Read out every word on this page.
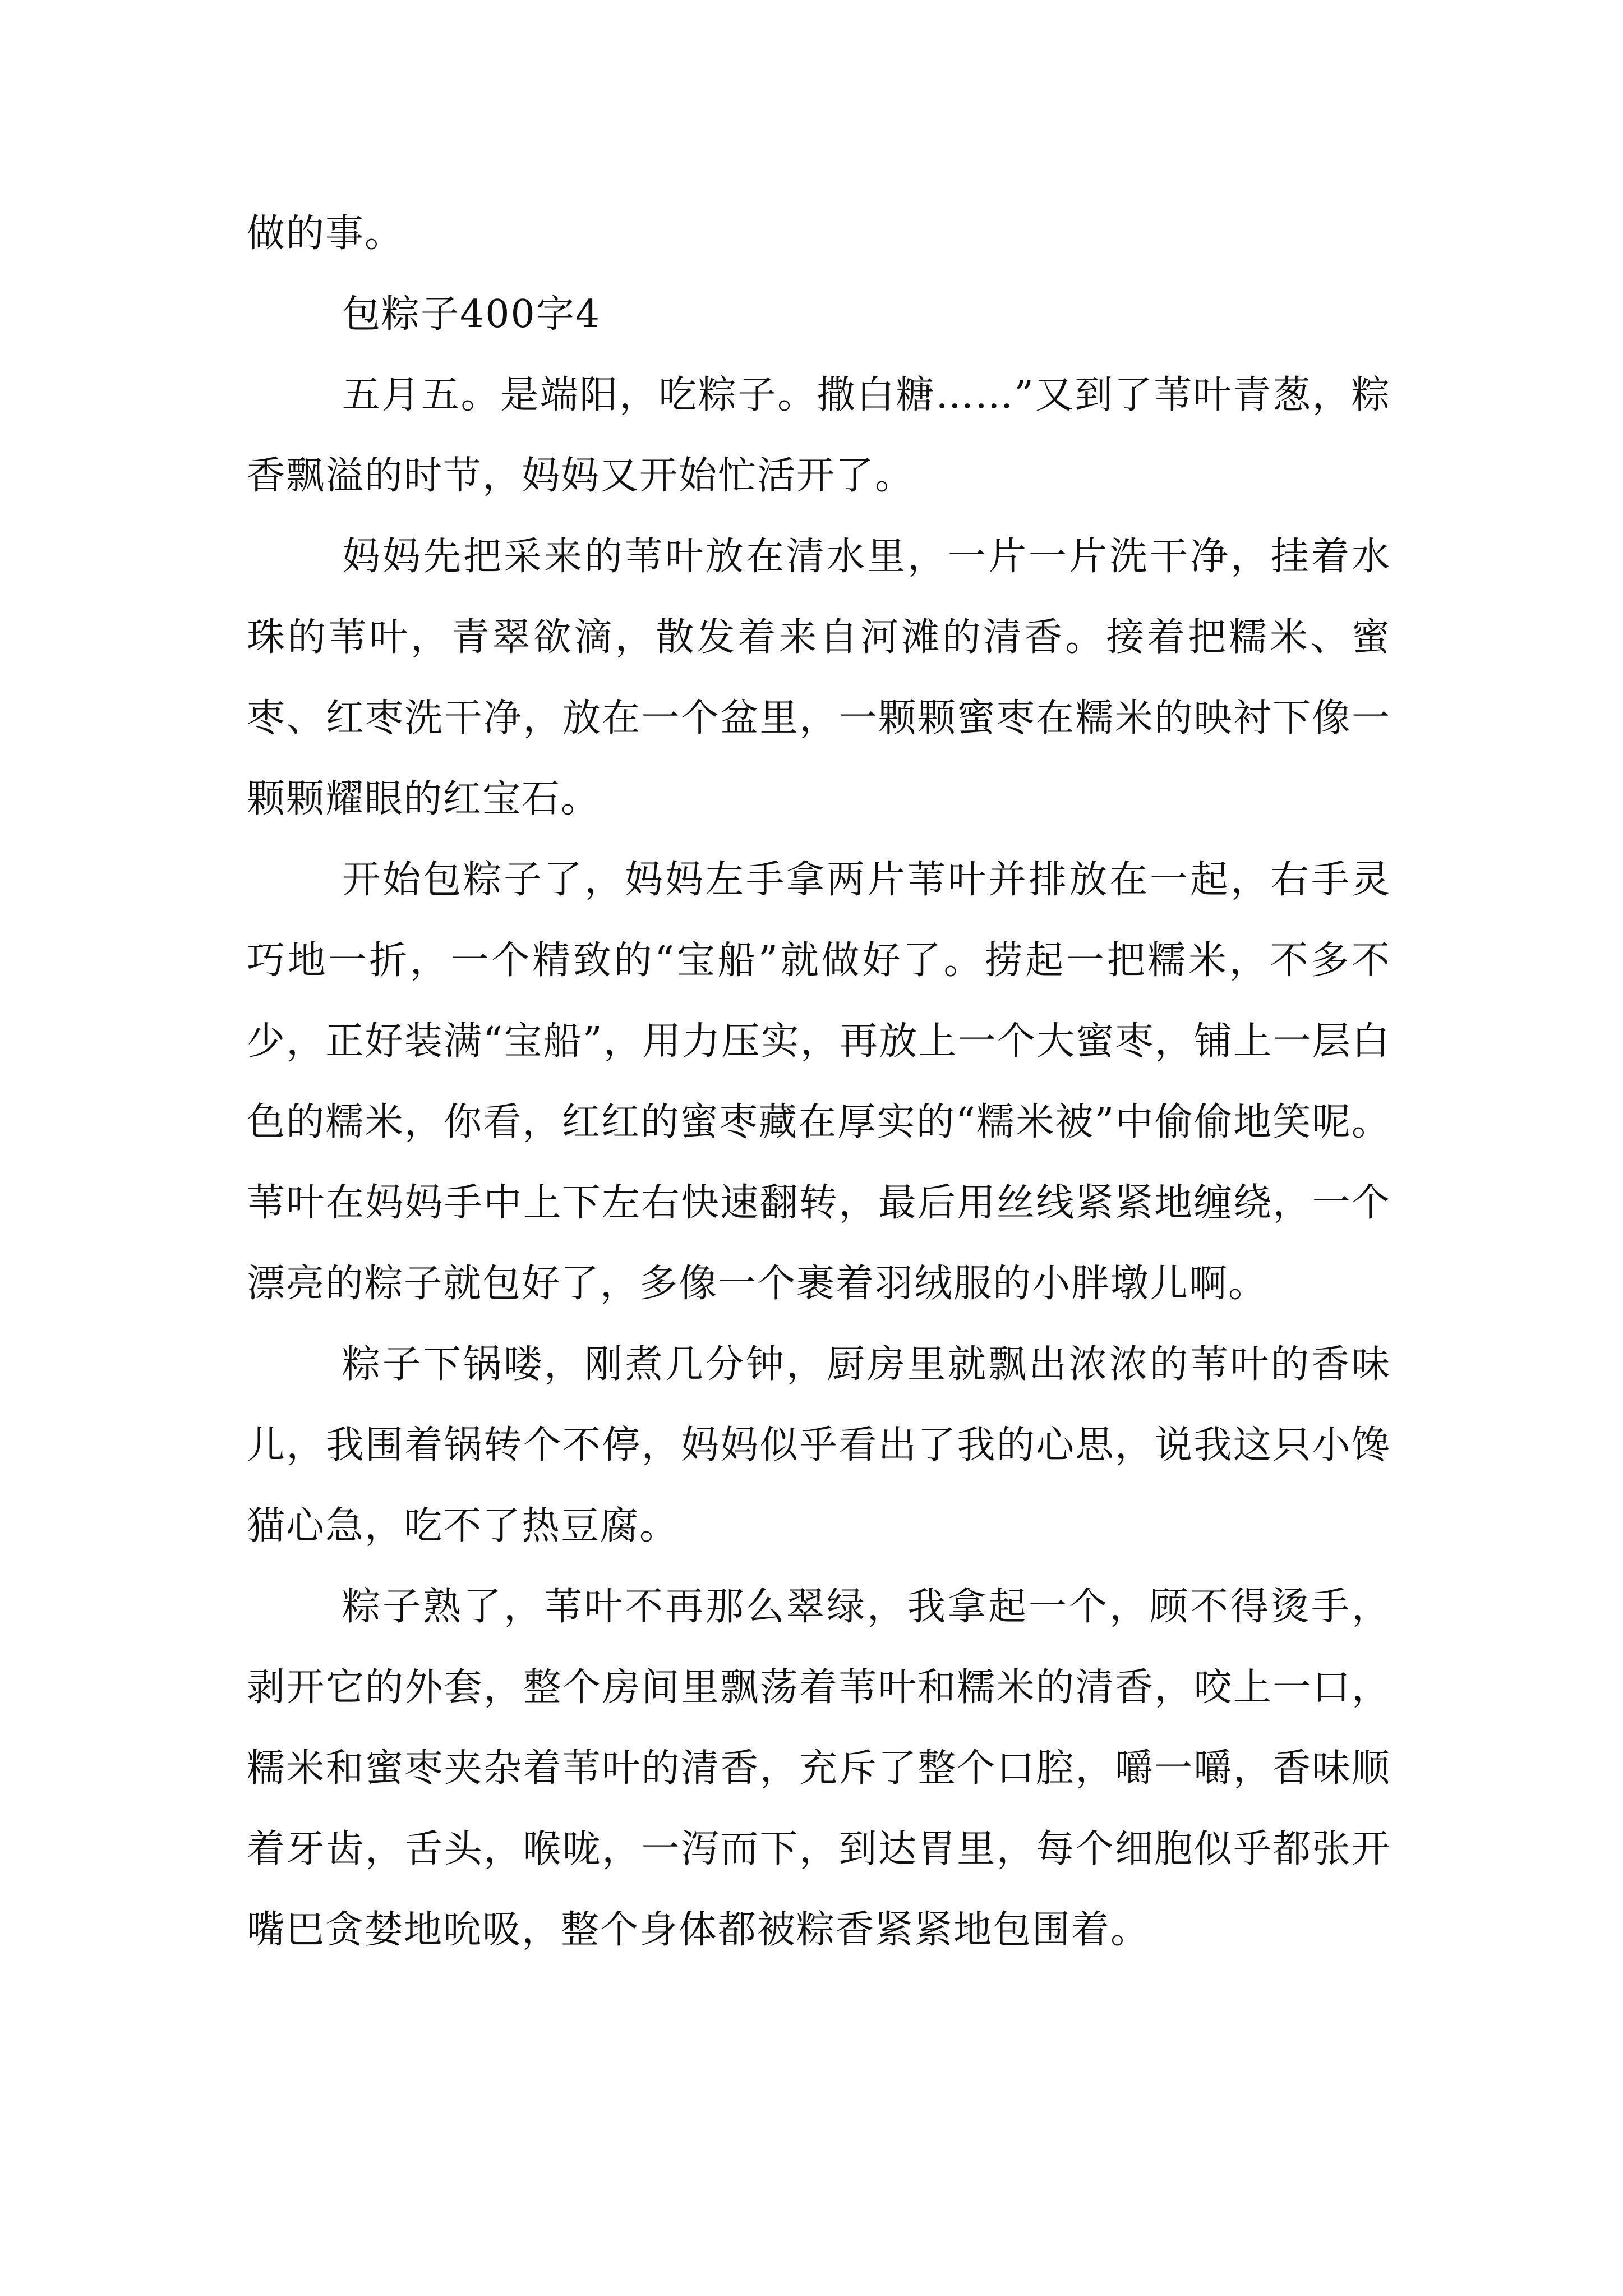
做的事。

包粽子400字4

五月五。是端阳，吃粽子。撒白糖……”又到了苇叶青葱，粽香飘溢的时节，妈妈又开始忙活开了。

妈妈先把采来的苇叶放在清水里，一片一片洗干净，挂着水珠的苇叶，青翠欲滴，散发着来自河滩的清香。接着把糯米、蜜枣、红枣洗干净，放在一个盆里，一颗颗蜜枣在糯米的映衬下像一颗颗耀眼的红宝石。

开始包粽子了，妈妈左手拿两片苇叶并排放在一起，右手灵巧地一折，一个精致的“宝船”就做好了。捞起一把糯米，不多不少，正好装满“宝船”，用力压实，再放上一个大蜜枣，铺上一层白色的糯米，你看，红红的蜜枣藏在厚实的“糯米被”中偷偷地笑呢。苇叶在妈妈手中上下左右快速翻转，最后用丝线紧紧地缠绕，一个漂亮的粽子就包好了，多像一个裹着羽绒服的小胖墩儿啊。

粽子下锅喽，刚煮几分钟，厨房里就飘出浓浓的苇叶的香味儿，我围着锅转个不停，妈妈似乎看出了我的心思，说我这只小馋猫心急，吃不了热豆腐。

粽子熟了，苇叶不再那么翠绿，我拿起一个，顾不得烫手，剥开它的外套，整个房间里飘荡着苇叶和糯米的清香，咬上一口，糯米和蜜枣夹杂着苇叶的清香，充斥了整个口腔，嚼一嚼，香味顺着牙齿，舌头，喉咙，一泻而下，到达胃里，每个细胞似乎都张开嘴巴贪婪地吮吸，整个身体都被粽香紧紧地包围着。
